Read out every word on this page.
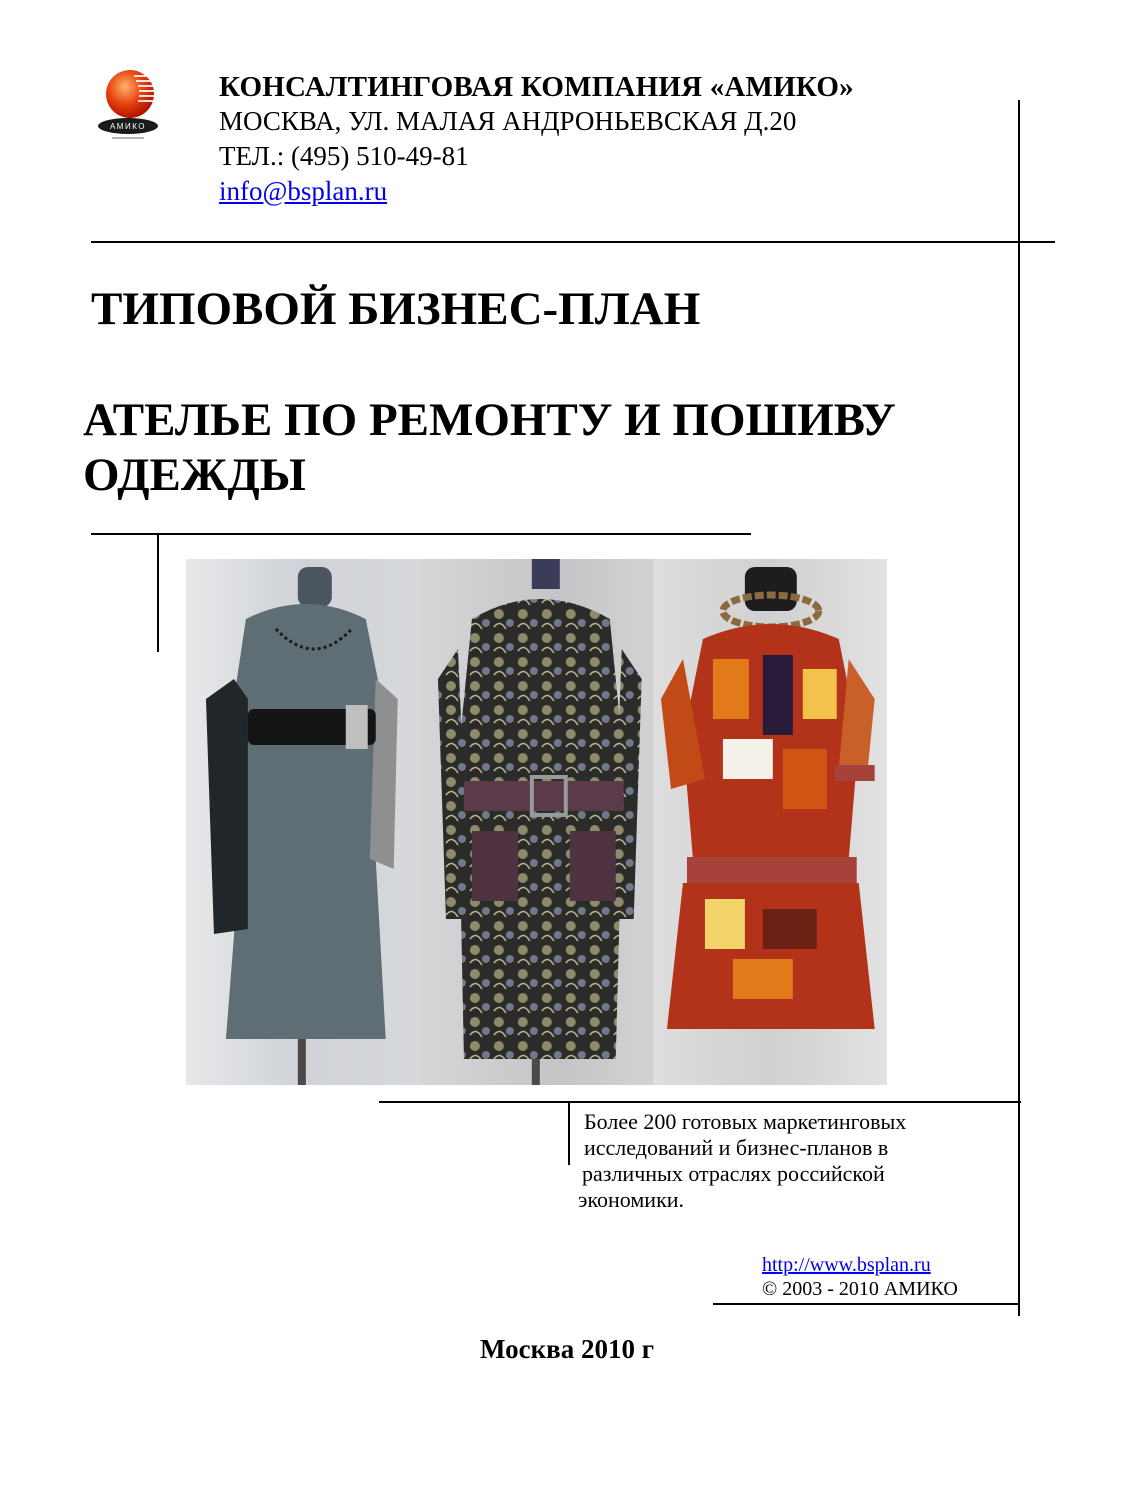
АМИКО
КОНСАЛТИНГОВАЯ КОМПАНИЯ «АМИКО»
МОСКВА, УЛ. МАЛАЯ АНДРОНЬЕВСКАЯ Д.20
ТЕЛ.: (495) 510-49-81
info@bsplan.ru
ТИПОВОЙ БИЗНЕС-ПЛАН
АТЕЛЬЕ ПО РЕМОНТУ И ПОШИВУ ОДЕЖДЫ
Более 200 готовых маркетинговых
исследований и бизнес-планов в
различных отраслях российской
экономики.
http://www.bsplan.ru
© 2003 - 2010 АМИКО
Москва 2010 г
